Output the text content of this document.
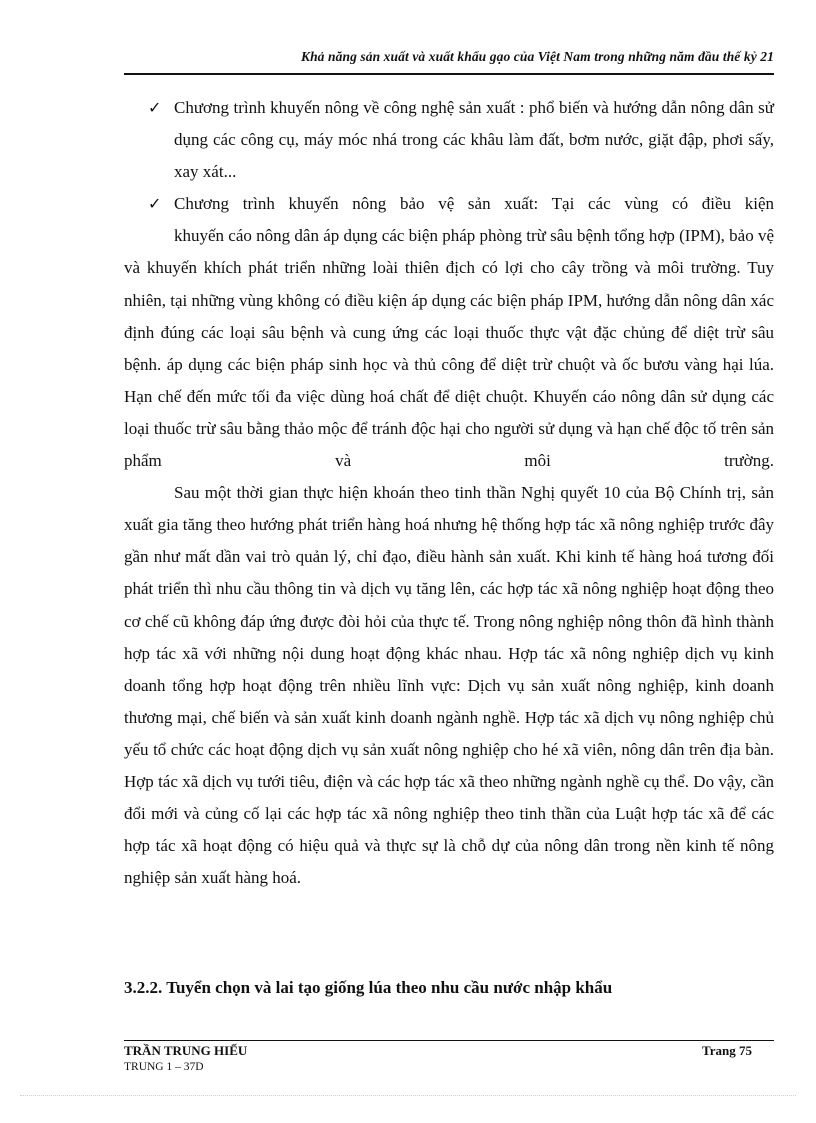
Khả năng sản xuất và xuất khẩu gạo của Việt Nam trong những năm đầu thế kỷ 21

✓ Chương trình khuyến nông về công nghệ sản xuất : phổ biến và hướng dẫn nông dân sử dụng các công cụ, máy móc nhá trong các khâu làm đất, bơm nước, giặt đập, phơi sấy, xay xát...

✓ Chương trình khuyến nông bảo vệ sản xuất: Tại các vùng có điều kiện

khuyến cáo nông dân áp dụng các biện pháp phòng trừ sâu bệnh tổng hợp (IPM), bảo vệ và khuyến khích phát triển những loài thiên địch có lợi cho cây trồng và môi trường. Tuy nhiên, tại những vùng không có điều kiện áp dụng các biện pháp IPM, hướng dẫn nông dân xác định đúng các loại sâu bệnh và cung ứng các loại thuốc thực vật đặc chủng để diệt trừ sâu bệnh. áp dụng các biện pháp sinh học và thủ công để diệt trừ chuột và ốc bươu vàng hại lúa. Hạn chế đến mức tối đa việc dùng hoá chất để diệt chuột. Khuyến cáo nông dân sử dụng các loại thuốc trừ sâu bằng thảo mộc để tránh độc hại cho người sử dụng và hạn chế độc tố trên sản phẩm và môi trường.

Sau một thời gian thực hiện khoán theo tinh thần Nghị quyết 10 của Bộ Chính trị, sản xuất gia tăng theo hướng phát triển hàng hoá nhưng hệ thống hợp tác xã nông nghiệp trước đây gần như mất dần vai trò quản lý, chỉ đạo, điều hành sản xuất. Khi kinh tế hàng hoá tương đối phát triển thì nhu cầu thông tin và dịch vụ tăng lên, các hợp tác xã nông nghiệp hoạt động theo cơ chế cũ không đáp ứng được đòi hỏi của thực tế. Trong nông nghiệp nông thôn đã hình thành hợp tác xã với những nội dung hoạt động khác nhau. Hợp tác xã nông nghiệp dịch vụ kinh doanh tổng hợp hoạt động trên nhiều lĩnh vực: Dịch vụ sản xuất nông nghiệp, kinh doanh thương mại, chế biến và sản xuất kinh doanh ngành nghề. Hợp tác xã dịch vụ nông nghiệp chủ yếu tổ chức các hoạt động dịch vụ sản xuất nông nghiệp cho hé xã viên, nông dân trên địa bàn. Hợp tác xã dịch vụ tưới tiêu, điện và các hợp tác xã theo những ngành nghề cụ thể. Do vậy, cần đổi mới và củng cố lại các hợp tác xã nông nghiệp theo tinh thần của Luật hợp tác xã để các hợp tác xã hoạt động có hiệu quả và thực sự là chỗ dự của nông dân trong nền kinh tế nông nghiệp sản xuất hàng hoá.

3.2.2. Tuyển chọn và lai tạo giống lúa theo nhu cầu nước nhập khẩu
TRẦN TRUNG HIẾU
TRUNG 1 – 37D
Trang 75
